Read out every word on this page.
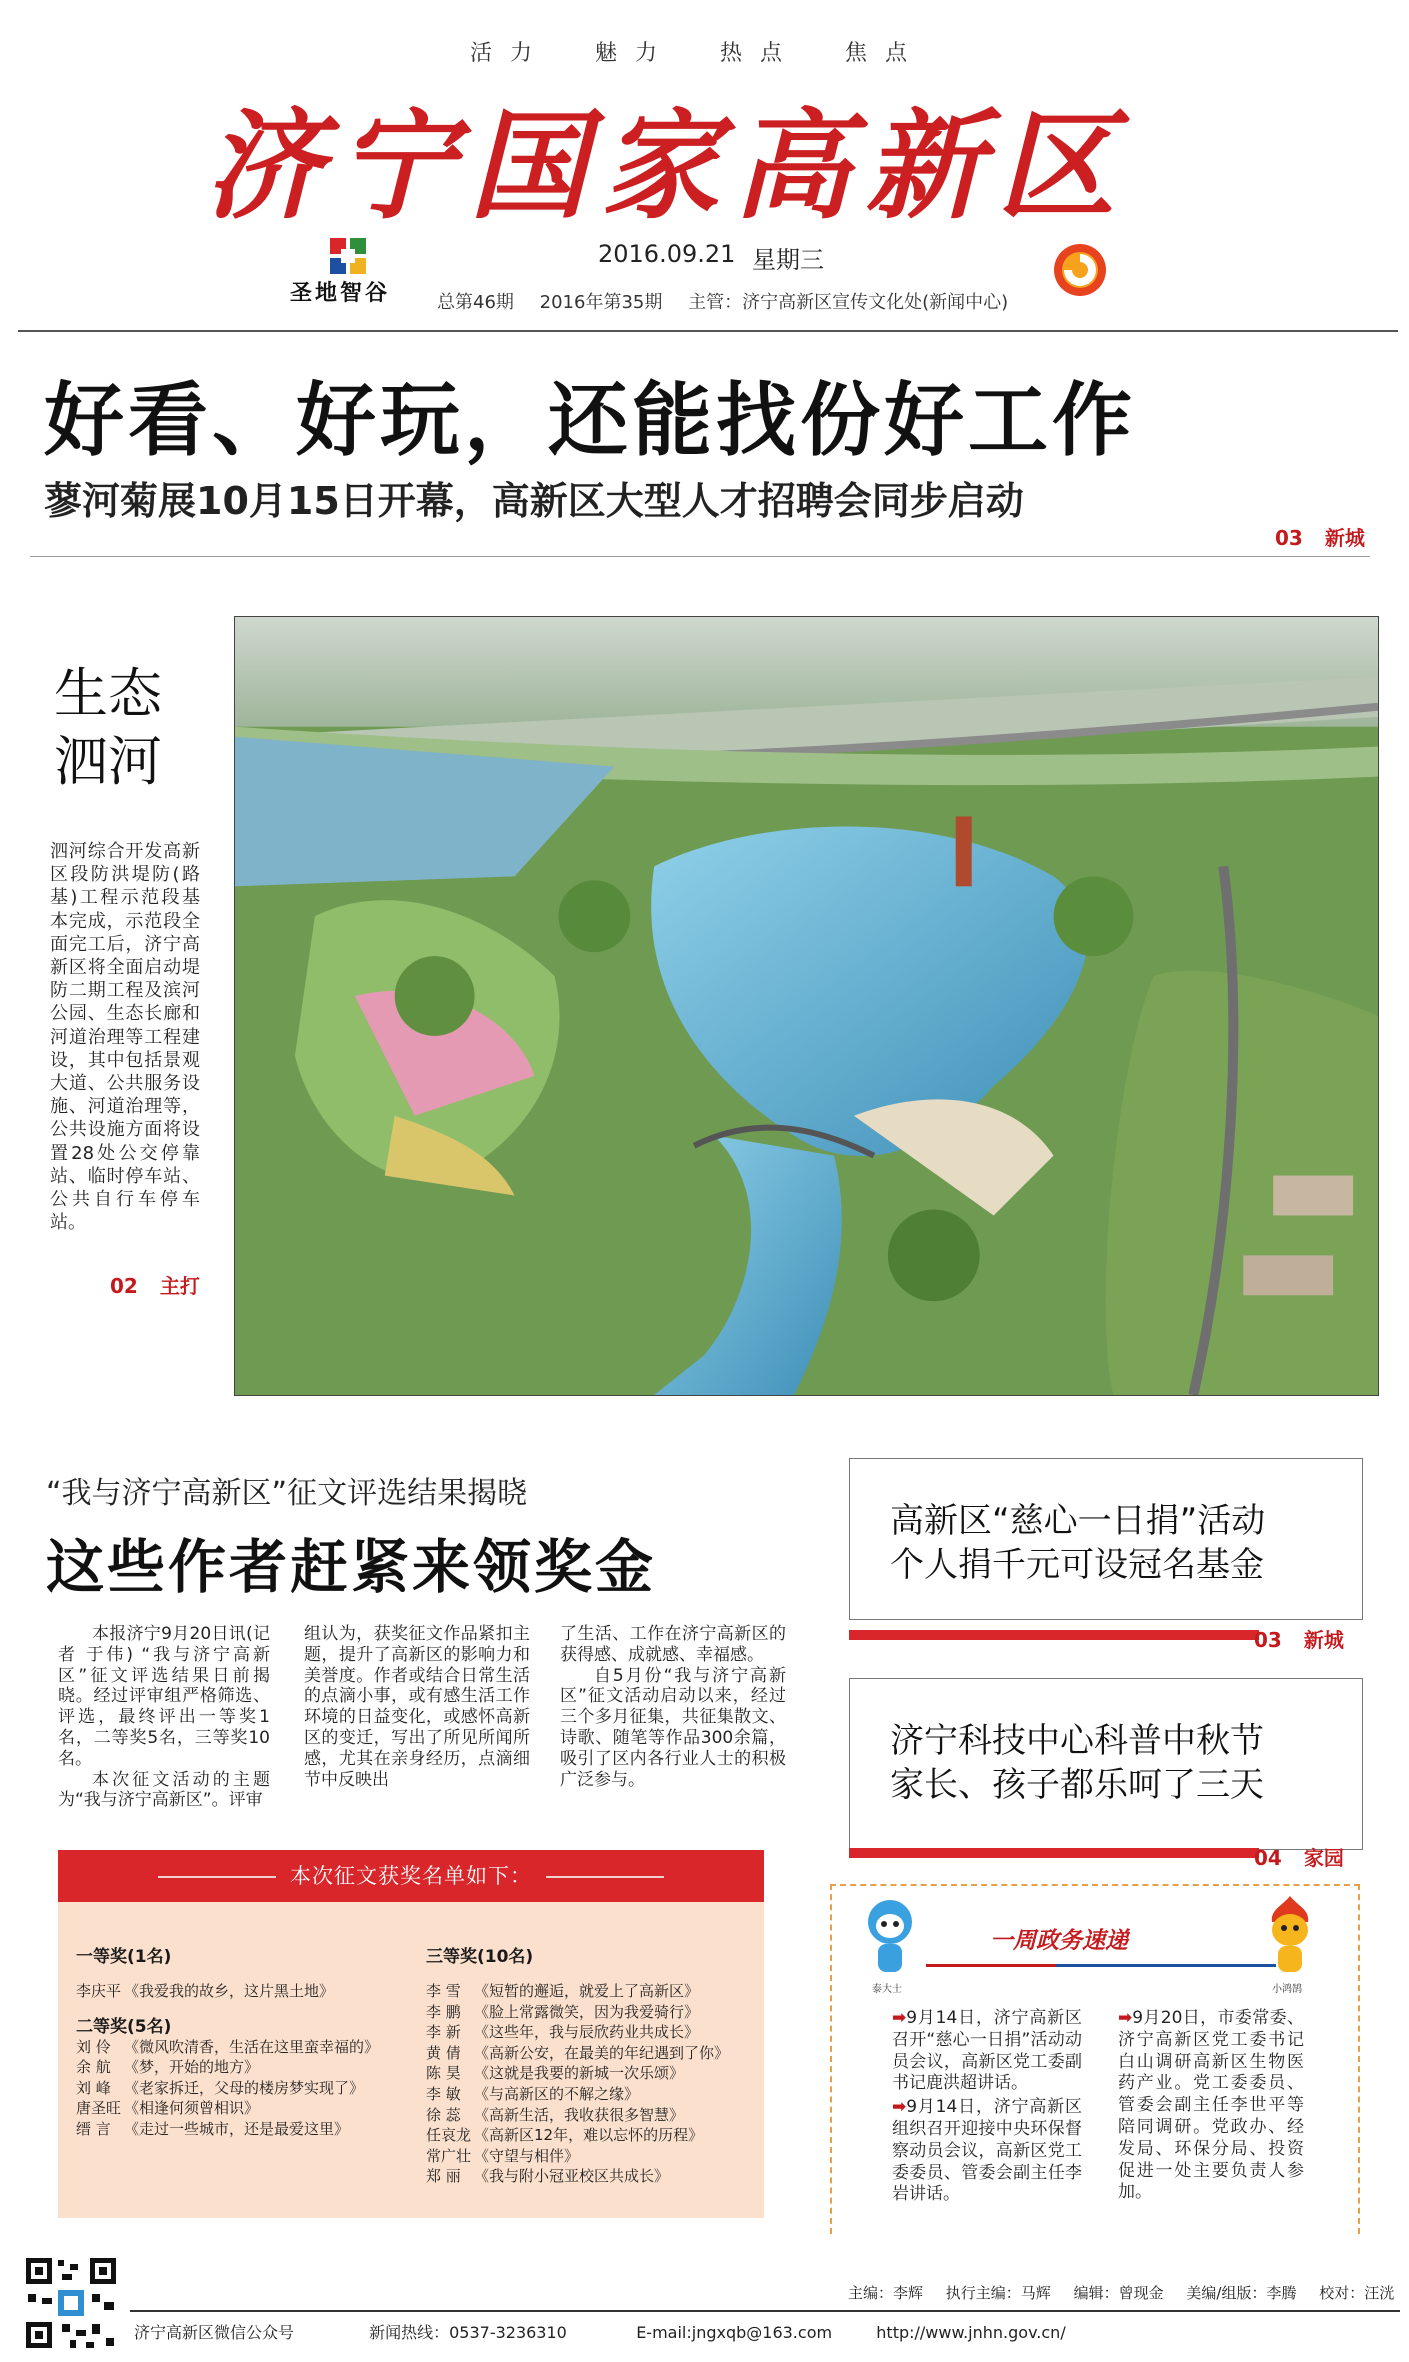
活力 魅力 热点 焦点
济宁国家高新区
圣地智谷
2016.09.21 星期三
总第46期 2016年第35期 主管：济宁高新区宣传文化处(新闻中心)
好看、好玩，还能找份好工作
蓼河菊展10月15日开幕，高新区大型人才招聘会同步启动
03 新城
生态
泗河
泗河综合开发高新区段防洪堤防(路基)工程示范段基本完成，示范段全面完工后，济宁高新区将全面启动堤防二期工程及滨河公园、生态长廊和河道治理等工程建设，其中包括景观大道、公共服务设施、河道治理等，公共设施方面将设置28处公交停靠站、临时停车站、公共自行车停车站。
02 主打
“我与济宁高新区”征文评选结果揭晓
这些作者赶紧来领奖金

本报济宁9月20日讯(记者 于伟) “我与济宁高新区”征文评选结果日前揭晓。经过评审组严格筛选、评选，最终评出一等奖1名，二等奖5名，三等奖10名。

本次征文活动的主题为“我与济宁高新区”。评审

组认为，获奖征文作品紧扣主题，提升了高新区的影响力和美誉度。作者或结合日常生活的点滴小事，或有感生活工作环境的日益变化，或感怀高新区的变迁，写出了所见所闻所感，尤其在亲身经历，点滴细节中反映出

了生活、工作在济宁高新区的获得感、成就感、幸福感。

自5月份“我与济宁高新区”征文活动启动以来，经过三个多月征集，共征集散文、诗歌、随笔等作品300余篇，吸引了区内各行业人士的积极广泛参与。

本次征文获奖名单如下：
一等奖(1名)
李庆平 《我爱我的故乡，这片黑土地》
二等奖(5名)
刘 伶 《微风吹清香，生活在这里蛮幸福的》
余 航 《梦，开始的地方》
刘 峰 《老家拆迁，父母的楼房梦实现了》
唐圣旺 《相逢何须曾相识》
缙 言 《走过一些城市，还是最爱这里》
三等奖(10名)
李 雪 《短暂的邂逅，就爱上了高新区》
李 鹏 《脸上常露微笑，因为我爱骑行》
李 新 《这些年，我与辰欣药业共成长》
黄 倩 《高新公安，在最美的年纪遇到了你》
陈 昊 《这就是我要的新城一次乐颂》
李 敏 《与高新区的不解之缘》
徐 蕊 《高新生活，我收获很多智慧》
任哀龙 《高新区12年，难以忘怀的历程》
常广壮 《守望与相伴》
郑 丽 《我与附小冠亚校区共成长》
高新区“慈心一日捐”活动
个人捐千元可设冠名基金
03 新城
济宁科技中心科普中秋节
家长、孩子都乐呵了三天
04 家园
泰大士
一周政务速递
小鸿鹄
➡9月14日，济宁高新区召开“慈心一日捐”活动动员会议，高新区党工委副书记鹿洪超讲话。
➡9月14日，济宁高新区组织召开迎接中央环保督察动员会议，高新区党工委委员、管委会副主任李岩讲话。
➡9月20日，市委常委、济宁高新区党工委书记白山调研高新区生物医药产业。党工委委员、管委会副主任李世平等陪同调研。党政办、经发局、环保分局、投资促进一处主要负责人参加。
主编：李辉 执行主编：马辉 编辑：曾现金 美编/组版：李腾 校对：汪洸
济宁高新区微信公众号	新闻热线：0537-3236310	E-mail:jngxqb@163.com	http://www.jnhn.gov.cn/
